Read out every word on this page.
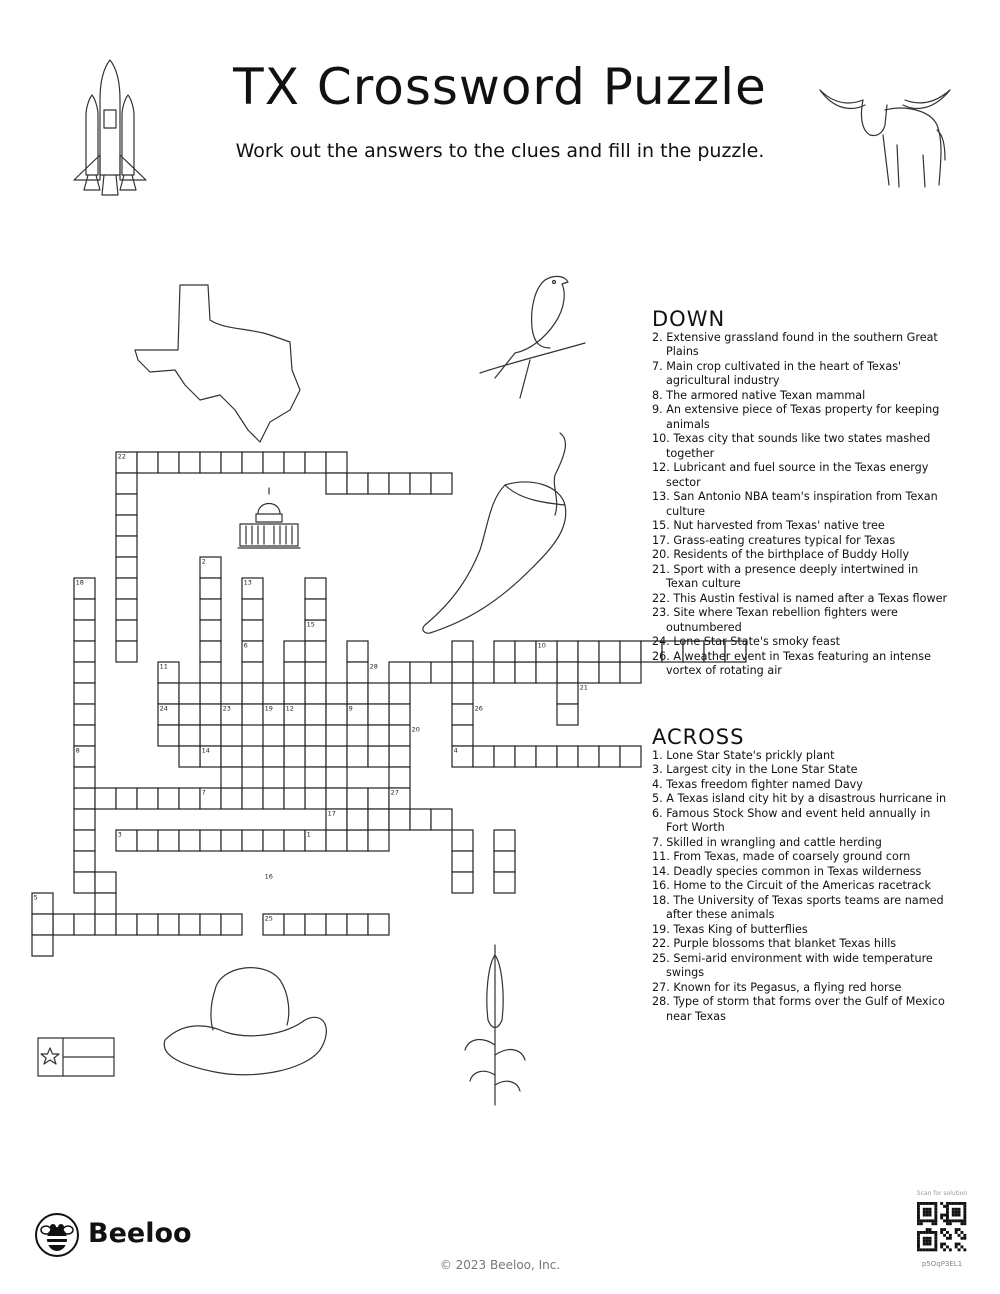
TX Crossword Puzzle
Work out the answers to the clues and fill in the puzzle.
22
2
18	13
15
6	10
11	28
21
24	23	19 12	9	26
20
8	14	4
7	27
17
3	1
16
5
25
DOWN

2. Extensive grassland found in the southern Great Plains

7. Main crop cultivated in the heart of Texas' agricultural industry

8. The armored native Texan mammal

9. An extensive piece of Texas property for keeping animals

10. Texas city that sounds like two states mashed together

12. Lubricant and fuel source in the Texas energy sector

13. San Antonio NBA team's inspiration from Texan culture

15. Nut harvested from Texas' native tree

17. Grass-eating creatures typical for Texas

20. Residents of the birthplace of Buddy Holly

21. Sport with a presence deeply intertwined in Texan culture

22. This Austin festival is named after a Texas flower

23. Site where Texan rebellion fighters were outnumbered

24. Lone Star State's smoky feast

26. A weather event in Texas featuring an intense vortex of rotating air

ACROSS

1. Lone Star State's prickly plant

3. Largest city in the Lone Star State

4. Texas freedom fighter named Davy

5. A Texas island city hit by a disastrous hurricane in

6. Famous Stock Show and event held annually in Fort Worth

7. Skilled in wrangling and cattle herding

11. From Texas, made of coarsely ground corn

14. Deadly species common in Texas wilderness

16. Home to the Circuit of the Americas racetrack

18. The University of Texas sports teams are named after these animals

19. Texas King of butterflies

22. Purple blossoms that blanket Texas hills

25. Semi-arid environment with wide temperature swings

27. Known for its Pegasus, a flying red horse

28. Type of storm that forms over the Gulf of Mexico near Texas

Beeloo
© 2023 Beeloo, Inc.
Scan for solution
p5OqP3EL1
